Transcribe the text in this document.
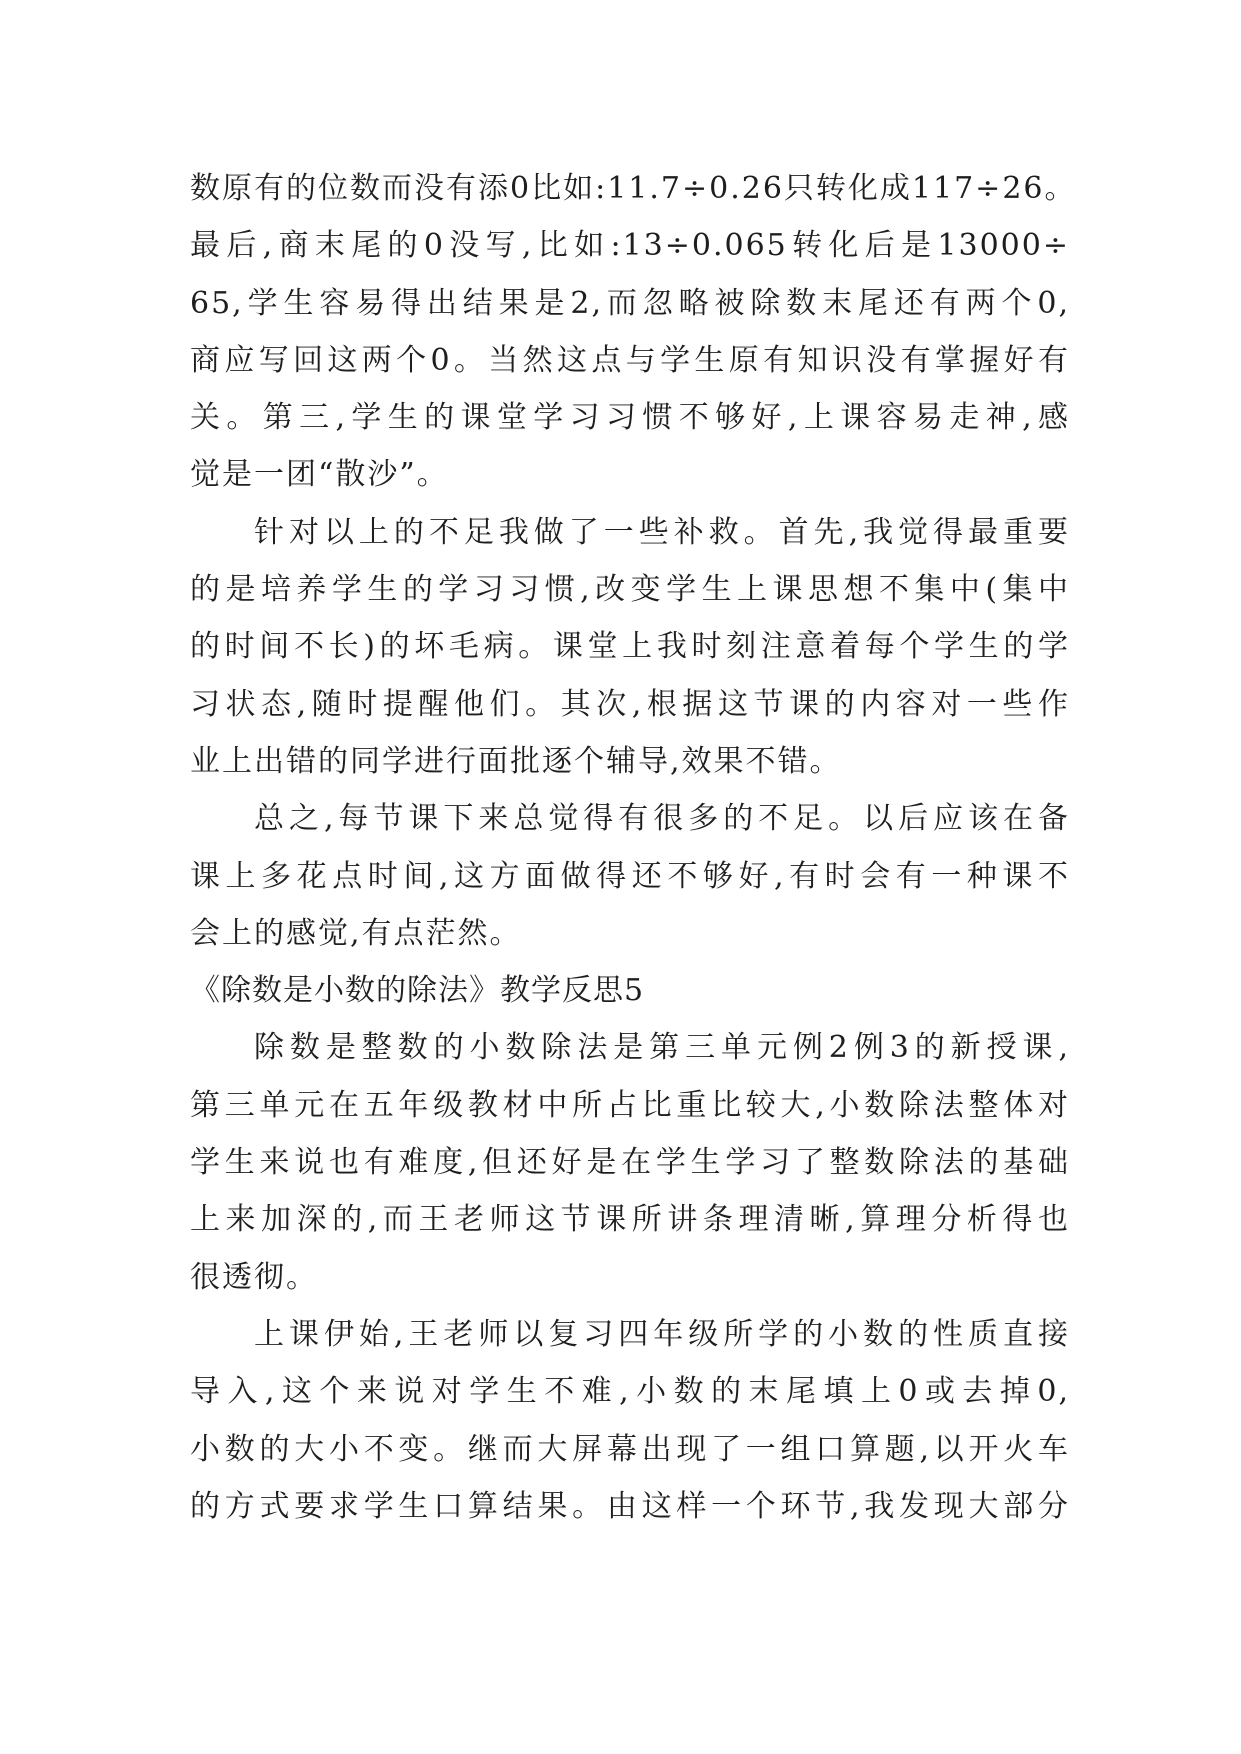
数原有的位数而没有添0比如:11.7÷0.26只转化成117÷26。
最后,商末尾的0没写,比如:13÷0.065转化后是13000÷
65,学生容易得出结果是2,而忽略被除数末尾还有两个0,
商应写回这两个0。当然这点与学生原有知识没有掌握好有
关。第三,学生的课堂学习习惯不够好,上课容易走神,感
觉是一团“散沙”。
针对以上的不足我做了一些补救。首先,我觉得最重要
的是培养学生的学习习惯,改变学生上课思想不集中(集中
的时间不长)的坏毛病。课堂上我时刻注意着每个学生的学
习状态,随时提醒他们。其次,根据这节课的内容对一些作
业上出错的同学进行面批逐个辅导,效果不错。
总之,每节课下来总觉得有很多的不足。以后应该在备
课上多花点时间,这方面做得还不够好,有时会有一种课不
会上的感觉,有点茫然。
《除数是小数的除法》教学反思5
除数是整数的小数除法是第三单元例2例3的新授课,
第三单元在五年级教材中所占比重比较大,小数除法整体对
学生来说也有难度,但还好是在学生学习了整数除法的基础
上来加深的,而王老师这节课所讲条理清晰,算理分析得也
很透彻。
上课伊始,王老师以复习四年级所学的小数的性质直接
导入,这个来说对学生不难,小数的末尾填上0或去掉0,
小数的大小不变。继而大屏幕出现了一组口算题,以开火车
的方式要求学生口算结果。由这样一个环节,我发现大部分
